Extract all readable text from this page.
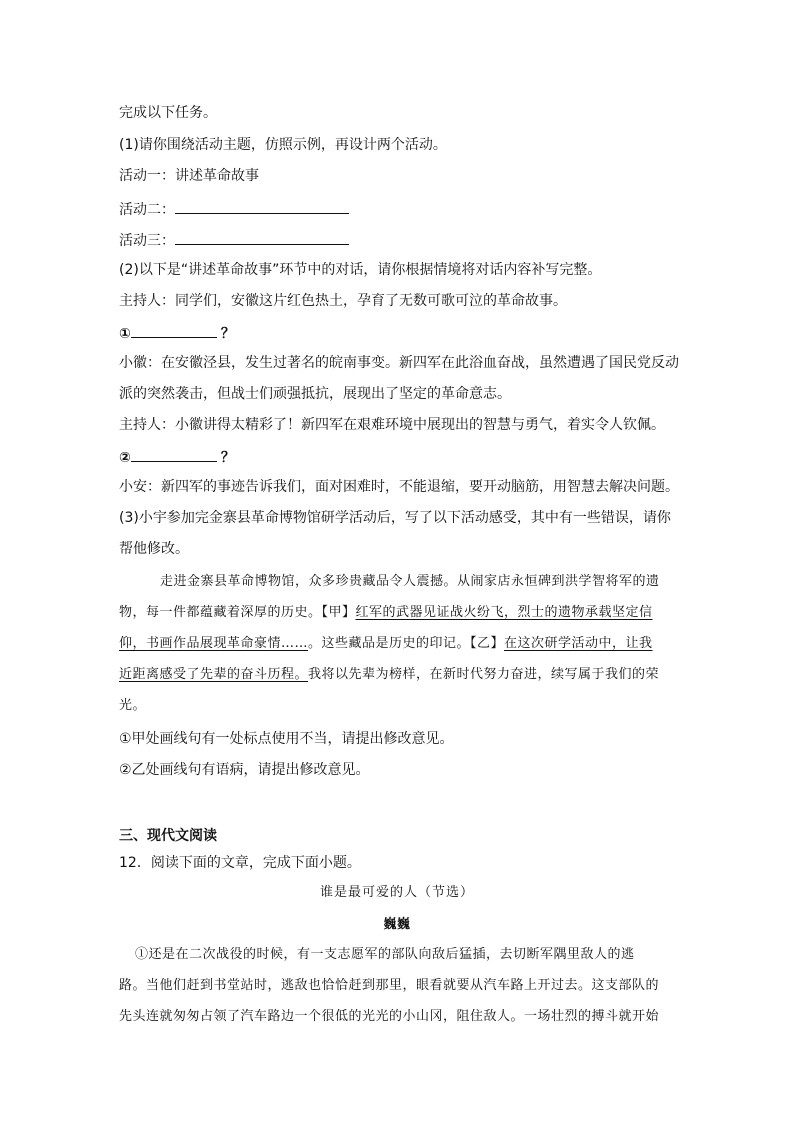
完成以下任务。
(1)请你围绕活动主题，仿照示例，再设计两个活动。
活动一：讲述革命故事
活动二：
活动三：
(2)以下是“讲述革命故事”环节中的对话，请你根据情境将对话内容补写完整。
主持人：同学们，安徽这片红色热土，孕育了无数可歌可泣的革命故事。
①	？
小徽：在安徽泾县，发生过著名的皖南事变。新四军在此浴血奋战，虽然遭遇了国民党反动
派的突然袭击，但战士们顽强抵抗，展现出了坚定的革命意志。
主持人：小徽讲得太精彩了！新四军在艰难环境中展现出的智慧与勇气，着实令人钦佩。
②	？
小安：新四军的事迹告诉我们，面对困难时，不能退缩，要开动脑筋，用智慧去解决问题。
(3)小宇参加完金寨县革命博物馆研学活动后，写了以下活动感受，其中有一些错误，请你
帮他修改。
走进金寨县革命博物馆，众多珍贵藏品令人震撼。从闹家店永恒碑到洪学智将军的遗
物，每一件都蕴藏着深厚的历史。【甲】红军的武器见证战火纷飞，烈士的遗物承载坚定信
仰，书画作品展现革命豪情……。这些藏品是历史的印记。【乙】在这次研学活动中，让我
近距离感受了先辈的奋斗历程。我将以先辈为榜样，在新时代努力奋进，续写属于我们的荣
光。
①甲处画线句有一处标点使用不当，请提出修改意见。
②乙处画线句有语病，请提出修改意见。
三、现代文阅读
12．阅读下面的文章，完成下面小题。
谁是最可爱的人（节选）
巍巍
①还是在二次战役的时候，有一支志愿军的部队向敌后猛插，去切断军隅里敌人的逃
路。当他们赶到书堂站时，逃敌也恰恰赶到那里，眼看就要从汽车路上开过去。这支部队的
先头连就匆匆占领了汽车路边一个很低的光光的小山冈，阻住敌人。一场壮烈的搏斗就开始
